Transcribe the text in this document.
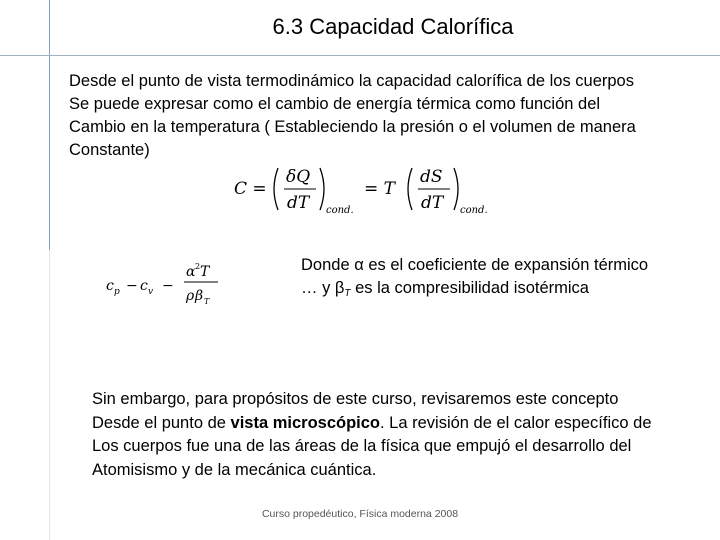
6.3 Capacidad Calorífica
Desde el punto de vista termodinámico la capacidad calorífica de los cuerpos
Se puede expresar como el cambio de energía térmica como función del
Cambio en la temperatura ( Estableciendo la presión o el volumen de manera
Constante)
C =
δQ
dT cond.
= T
dS
dT cond.
c p − c v −
α 2 T
ρ β T
Donde α es el coeficiente de expansión térmico
… y $\beta_T$ es la compresibilidad isotérmica
Sin embargo, para propósitos de este curso, revisaremos este concepto
Desde el punto de vista microscópico. La revisión de el calor específico de
Los cuerpos fue una de las áreas de la física que empujó el desarrollo del
Atomisismo y de la mecánica cuántica.
Curso propedéutico, Física moderna 2008
